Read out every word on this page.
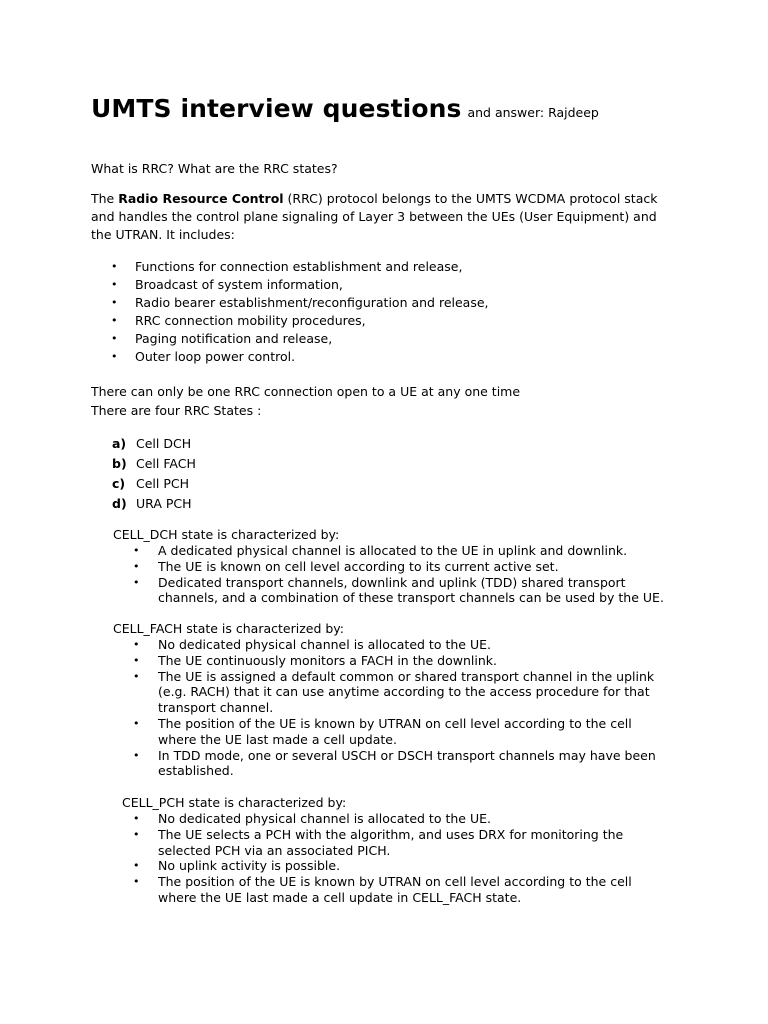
UMTS interview questions and answer: Rajdeep

What is RRC? What are the RRC states?

The Radio Resource Control (RRC) protocol belongs to the UMTS WCDMA protocol stack and handles the control plane signaling of Layer 3 between the UEs (User Equipment) and the UTRAN. It includes:

• Functions for connection establishment and release,
• Broadcast of system information,
• Radio bearer establishment/reconfiguration and release,
• RRC connection mobility procedures,
• Paging notification and release,
• Outer loop power control.

There can only be one RRC connection open to a UE at any one time

There are four RRC States :

a) Cell DCH
b) Cell FACH
c) Cell PCH
d) URA PCH
CELL_DCH state is characterized by:
• A dedicated physical channel is allocated to the UE in uplink and downlink.
• The UE is known on cell level according to its current active set.
• Dedicated transport channels, downlink and uplink (TDD) shared transport channels, and a combination of these transport channels can be used by the UE.
CELL_FACH state is characterized by:
• No dedicated physical channel is allocated to the UE.
• The UE continuously monitors a FACH in the downlink.
• The UE is assigned a default common or shared transport channel in the uplink (e.g. RACH) that it can use anytime according to the access procedure for that transport channel.
• The position of the UE is known by UTRAN on cell level according to the cell where the UE last made a cell update.
• In TDD mode, one or several USCH or DSCH transport channels may have been established.
CELL_PCH state is characterized by:
• No dedicated physical channel is allocated to the UE.
• The UE selects a PCH with the algorithm, and uses DRX for monitoring the selected PCH via an associated PICH.
• No uplink activity is possible.
• The position of the UE is known by UTRAN on cell level according to the cell where the UE last made a cell update in CELL_FACH state.
